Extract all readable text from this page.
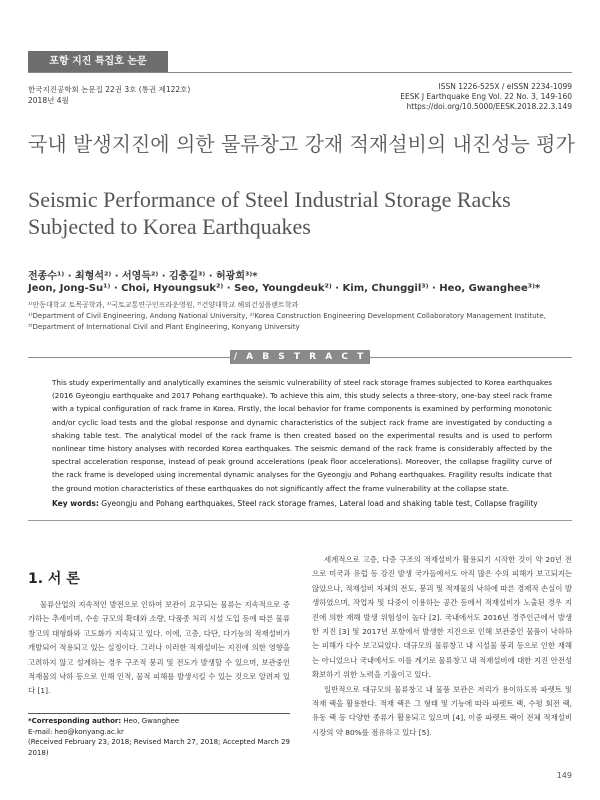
포항 지진 특집호 논문
한국지진공학회 논문집 22권 3호 (통권 제122호)
2018년 4월
ISSN 1226-525X / eISSN 2234-1099
EESK J Earthquake Eng Vol. 22 No. 3, 149-160
https://doi.org/10.5000/EESK.2018.22.3.149
국내 발생지진에 의한 물류창고 강재 적재설비의 내진성능 평가
Seismic Performance of Steel Industrial Storage Racks Subjected to Korea Earthquakes
전종수¹⁾ · 최형석²⁾ · 서영득²⁾ · 김충길³⁾ · 허광희³⁾*
Jeon, Jong-Su¹⁾ · Choi, Hyoungsuk²⁾ · Seo, Youngdeuk²⁾ · Kim, Chunggil³⁾ · Heo, Gwanghee³⁾*
¹⁾안동대학교 토목공학과, ²⁾국토교통연구인프라운영원, ³⁾건양대학교 해외건설플랜트학과
¹⁾Department of Civil Engineering, Andong National University, ²⁾Korea Construction Engineering Development Collaboratory Management Institute,
³⁾Department of International Civil and Plant Engineering, Konyang University
/ A B S T R A C T /
This study experimentally and analytically examines the seismic vulnerability of steel rack storage frames subjected to Korea earthquakes (2016 Gyeongju earthquake and 2017 Pohang earthquake). To achieve this aim, this study selects a three-story, one-bay steel rack frame with a typical configuration of rack frame in Korea. Firstly, the local behavior for frame components is examined by performing monotonic and/or cyclic load tests and the global response and dynamic characteristics of the subject rack frame are investigated by conducting a shaking table test. The analytical model of the rack frame is then created based on the experimental results and is used to perform nonlinear time history analyses with recorded Korea earthquakes. The seismic demand of the rack frame is considerably affected by the spectral acceleration response, instead of peak ground accelerations (peak floor accelerations). Moreover, the collapse fragility curve of the rack frame is developed using incremental dynamic analyses for the Gyeongju and Pohang earthquakes. Fragility results indicate that the ground motion characteristics of these earthquakes do not significantly affect the frame vulnerability at the collapse state.
Key words: Gyeongju and Pohang earthquakes, Steel rack storage frames, Lateral load and shaking table test, Collapse fragility
1. 서 론

물류산업의 지속적인 발전으로 인하여 보관이 요구되는 물류는 지속적으로 증가하는 추세이며, 수송 규모의 확대와 소량, 다품종 처리 시설 도입 등에 따른 물류 창고의 대형화와 고도화가 지속되고 있다. 이에, 고층, 다단, 다기능의 적재설비가 개발되어 적용되고 있는 실정이다. 그러나 이러한 적재설비는 지진에 의한 영향을 고려하지 않고 설계하는 경우 구조적 붕괴 및 전도가 발생할 수 있으며, 보관중인 적재물의 낙하 등으로 인해 인적, 물적 피해를 발생시킬 수 있는 것으로 알려져 있다 [1].

세계적으로 고층, 다층 구조의 적재설비가 활용되기 시작한 것이 약 20년 전으로 미국과 유럽 등 강진 발생 국가들에서도 아직 많은 수의 피해가 보고되지는 않았으나, 적재설비 자체의 전도, 붕괴 및 적재물의 낙하에 따른 경제적 손실이 발생하였으며, 작업자 및 다중이 이용하는 공간 등에서 적재설비가 노출된 경우 지진에 의한 재해 발생 위험성이 높다 [2]. 국내에서도 2016년 경주인근에서 발생한 지진 [3] 및 2017년 포항에서 발생한 지진으로 인해 보관중인 물품이 낙하하는 피해가 다수 보고되었다. 대규모의 물류창고 내 시설물 붕괴 등으로 인한 재해는 아니었으나 국내에서도 이를 계기로 물류창고 내 적재설비에 대한 지진 안전성 확보하기 위한 노력을 기울이고 있다.

일반적으로 대규모의 물류창고 내 물품 보관은 저리가 용이하도록 파렛트 및 적재 랙을 활용한다. 적재 랙은 그 형태 및 기능에 따라 파렛트 랙, 수평 회전 랙, 유동 랙 등 다양한 종류가 활용되고 있으며 [4], 이중 파렛트 랙이 전체 적재설비 시장의 약 80%를 점유하고 있다 [5].

*Corresponding author: Heo, Gwanghee
E-mail: heo@konyang.ac.kr
(Received February 23, 2018; Revised March 27, 2018; Accepted March 29 2018)
149
